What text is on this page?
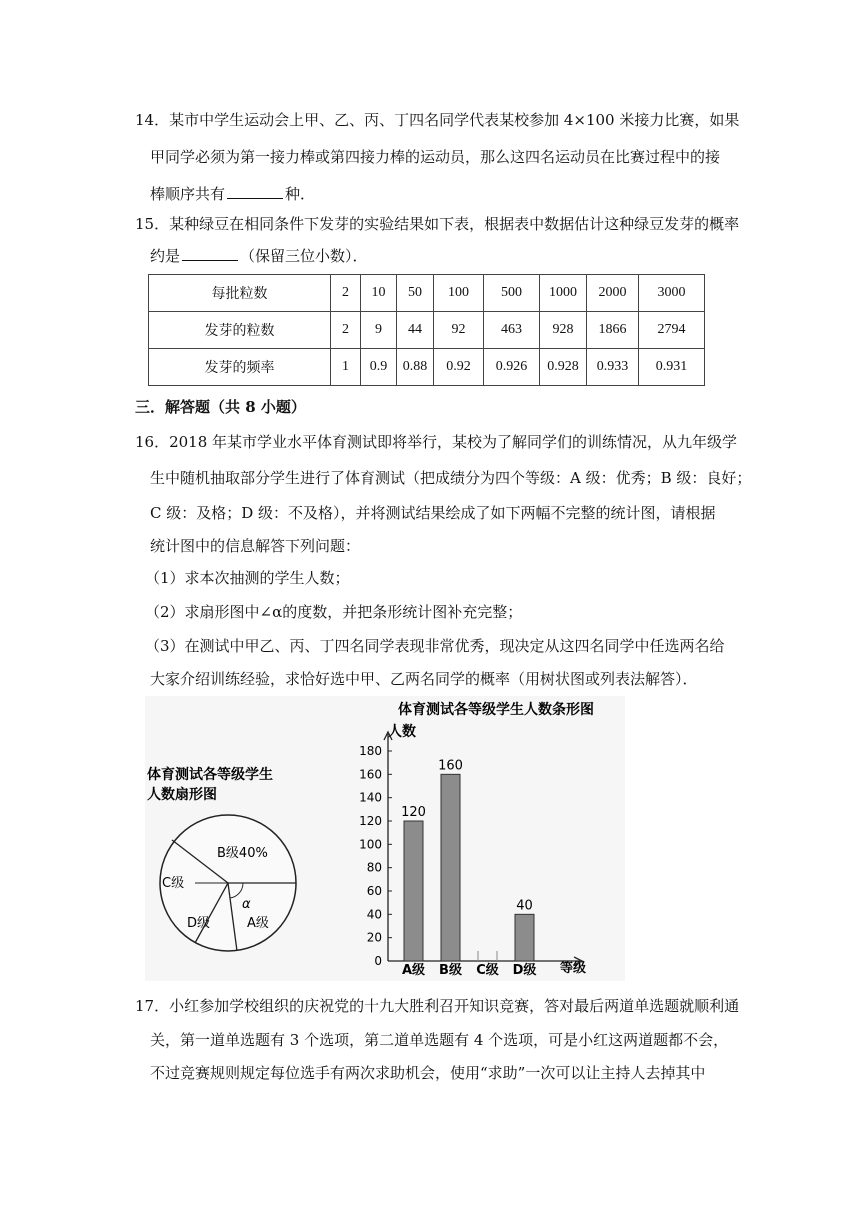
14．某市中学生运动会上甲、乙、丙、丁四名同学代表某校参加 4×100 米接力比赛，如果
甲同学必须为第一接力棒或第四接力棒的运动员，那么这四名运动员在比赛过程中的接
棒顺序共有	种．
15．某种绿豆在相同条件下发芽的实验结果如下表，根据表中数据估计这种绿豆发芽的概率
约是	（保留三位小数）．
每批粒数	2	10	50	100	500	1000	2000	3000
发芽的粒数	2	9	44	92	463	928	1866	2794
发芽的频率	1	0.9	0.88	0.92	0.926	0.928	0.933	0.931
三．解答题（共 8 小题）
16．2018 年某市学业水平体育测试即将举行，某校为了解同学们的训练情况，从九年级学
生中随机抽取部分学生进行了体育测试（把成绩分为四个等级：A 级：优秀；B 级：良好；
C 级：及格；D 级：不及格），并将测试结果绘成了如下两幅不完整的统计图，请根据
统计图中的信息解答下列问题：
（1）求本次抽测的学生人数；
（2）求扇形图中∠α的度数，并把条形统计图补充完整；
（3）在测试中甲乙、丙、丁四名同学表现非常优秀，现决定从这四名同学中任选两名给
大家介绍训练经验，求恰好选中甲、乙两名同学的概率（用树状图或列表法解答）．
体育测试各等级学生
人数扇形图
B级40%
C级
D级	A级
α
体育测试各等级学生人数条形图
人数
等级
0
20
40
60
80
100
120
140
160
180
120
A级
160
B级 C级
40
D级
17．小红参加学校组织的庆祝党的十九大胜利召开知识竞赛，答对最后两道单选题就顺利通
关，第一道单选题有 3 个选项，第二道单选题有 4 个选项，可是小红这两道题都不会，
不过竞赛规则规定每位选手有两次求助机会，使用“求助”一次可以让主持人去掉其中
